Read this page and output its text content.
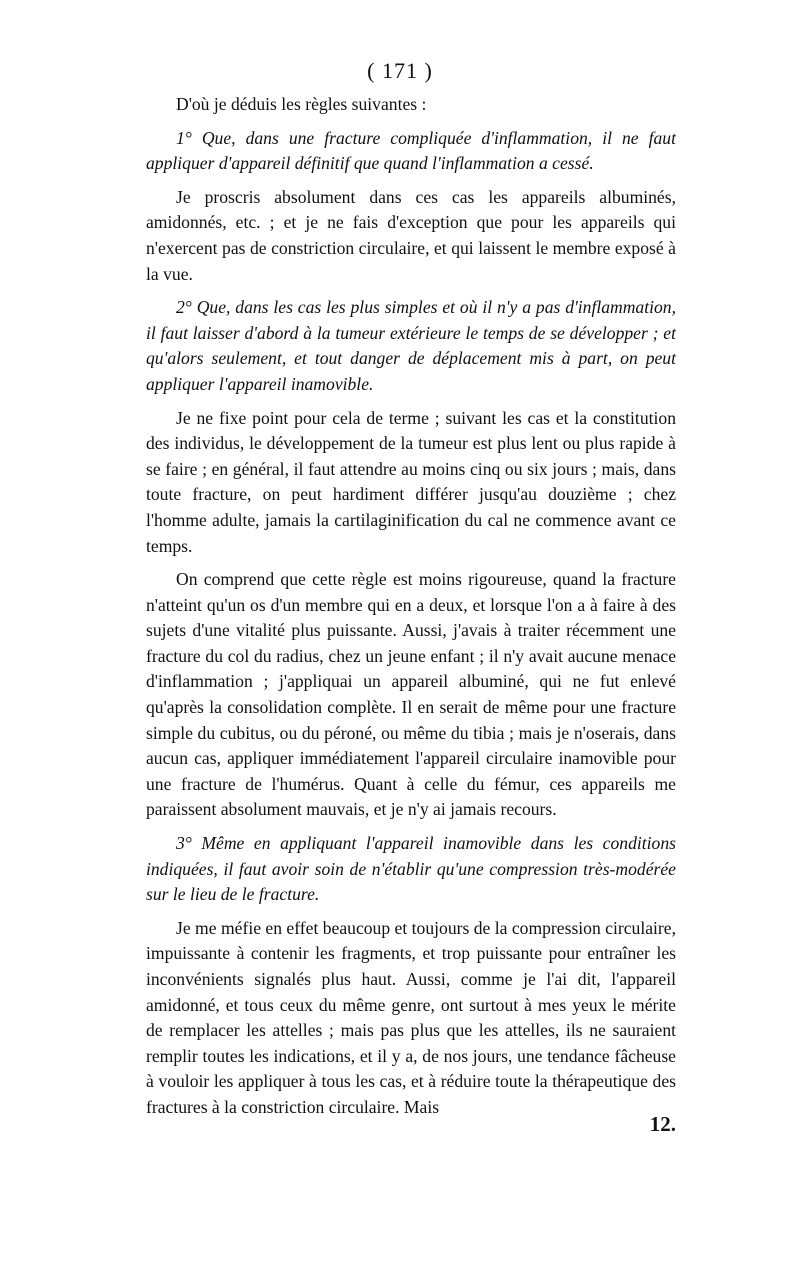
( 171 )

D'où je déduis les règles suivantes :

1° Que, dans une fracture compliquée d'inflammation, il ne faut appliquer d'appareil définitif que quand l'inflammation a cessé.

Je proscris absolument dans ces cas les appareils albuminés, amidonnés, etc. ; et je ne fais d'exception que pour les appareils qui n'exercent pas de constriction circulaire, et qui laissent le membre exposé à la vue.

2° Que, dans les cas les plus simples et où il n'y a pas d'inflammation, il faut laisser d'abord à la tumeur extérieure le temps de se développer ; et qu'alors seulement, et tout danger de déplacement mis à part, on peut appliquer l'appareil inamovible.

Je ne fixe point pour cela de terme ; suivant les cas et la constitution des individus, le développement de la tumeur est plus lent ou plus rapide à se faire ; en général, il faut attendre au moins cinq ou six jours ; mais, dans toute fracture, on peut hardiment différer jusqu'au douzième ; chez l'homme adulte, jamais la cartilaginification du cal ne commence avant ce temps.

On comprend que cette règle est moins rigoureuse, quand la fracture n'atteint qu'un os d'un membre qui en a deux, et lorsque l'on a à faire à des sujets d'une vitalité plus puissante. Aussi, j'avais à traiter récemment une fracture du col du radius, chez un jeune enfant ; il n'y avait aucune menace d'inflammation ; j'appliquai un appareil albuminé, qui ne fut enlevé qu'après la consolidation complète. Il en serait de même pour une fracture simple du cubitus, ou du péroné, ou même du tibia ; mais je n'oserais, dans aucun cas, appliquer immédiatement l'appareil circulaire inamovible pour une fracture de l'humérus. Quant à celle du fémur, ces appareils me paraissent absolument mauvais, et je n'y ai jamais recours.

3° Même en appliquant l'appareil inamovible dans les conditions indiquées, il faut avoir soin de n'établir qu'une compression très-modérée sur le lieu de le fracture.

Je me méfie en effet beaucoup et toujours de la compression circulaire, impuissante à contenir les fragments, et trop puissante pour entraîner les inconvénients signalés plus haut. Aussi, comme je l'ai dit, l'appareil amidonné, et tous ceux du même genre, ont surtout à mes yeux le mérite de remplacer les attelles ; mais pas plus que les attelles, ils ne sauraient remplir toutes les indications, et il y a, de nos jours, une tendance fâcheuse à vouloir les appliquer à tous les cas, et à réduire toute la thérapeutique des fractures à la constriction circulaire. Mais

12.
